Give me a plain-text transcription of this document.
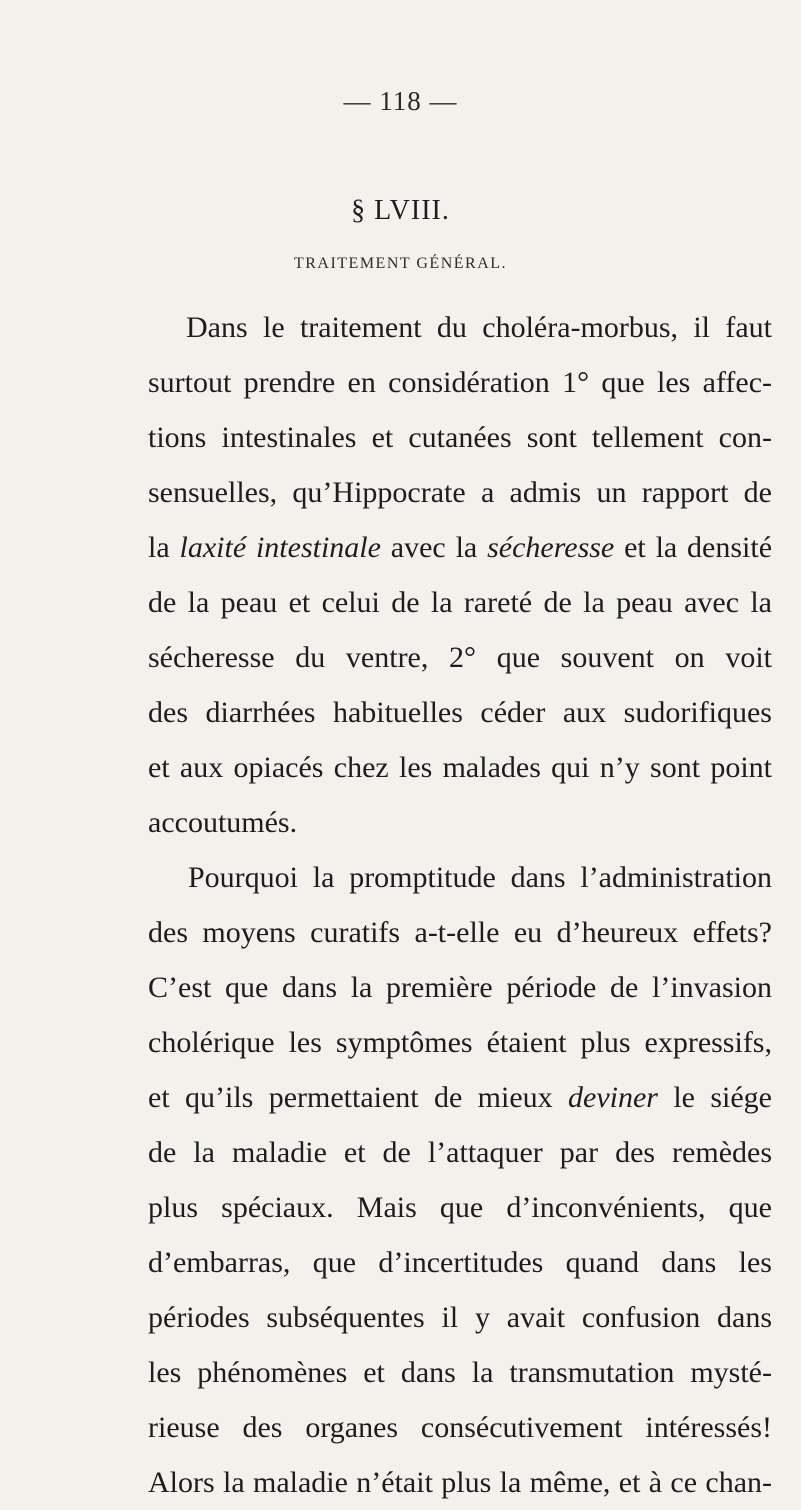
— 118 —
§ LVIII.
TRAITEMENT GÉNÉRAL.
Dans le traitement du choléra-morbus, il faut
surtout prendre en considération 1° que les affec-
tions intestinales et cutanées sont tellement con-
sensuelles, qu’Hippocrate a admis un rapport de
la laxité intestinale avec la sécheresse et la densité
de la peau et celui de la rareté de la peau avec la
sécheresse du ventre, 2° que souvent on voit
des diarrhées habituelles céder aux sudorifiques
et aux opiacés chez les malades qui n’y sont point
accoutumés.
Pourquoi la promptitude dans l’administration
des moyens curatifs a-t-elle eu d’heureux effets?
C’est que dans la première période de l’invasion
cholérique les symptômes étaient plus expressifs,
et qu’ils permettaient de mieux deviner le siége
de la maladie et de l’attaquer par des remèdes
plus spéciaux. Mais que d’inconvénients, que
d’embarras, que d’incertitudes quand dans les
périodes subséquentes il y avait confusion dans
les phénomènes et dans la transmutation mysté-
rieuse des organes consécutivement intéressés!
Alors la maladie n’était plus la même, et à ce chan-
